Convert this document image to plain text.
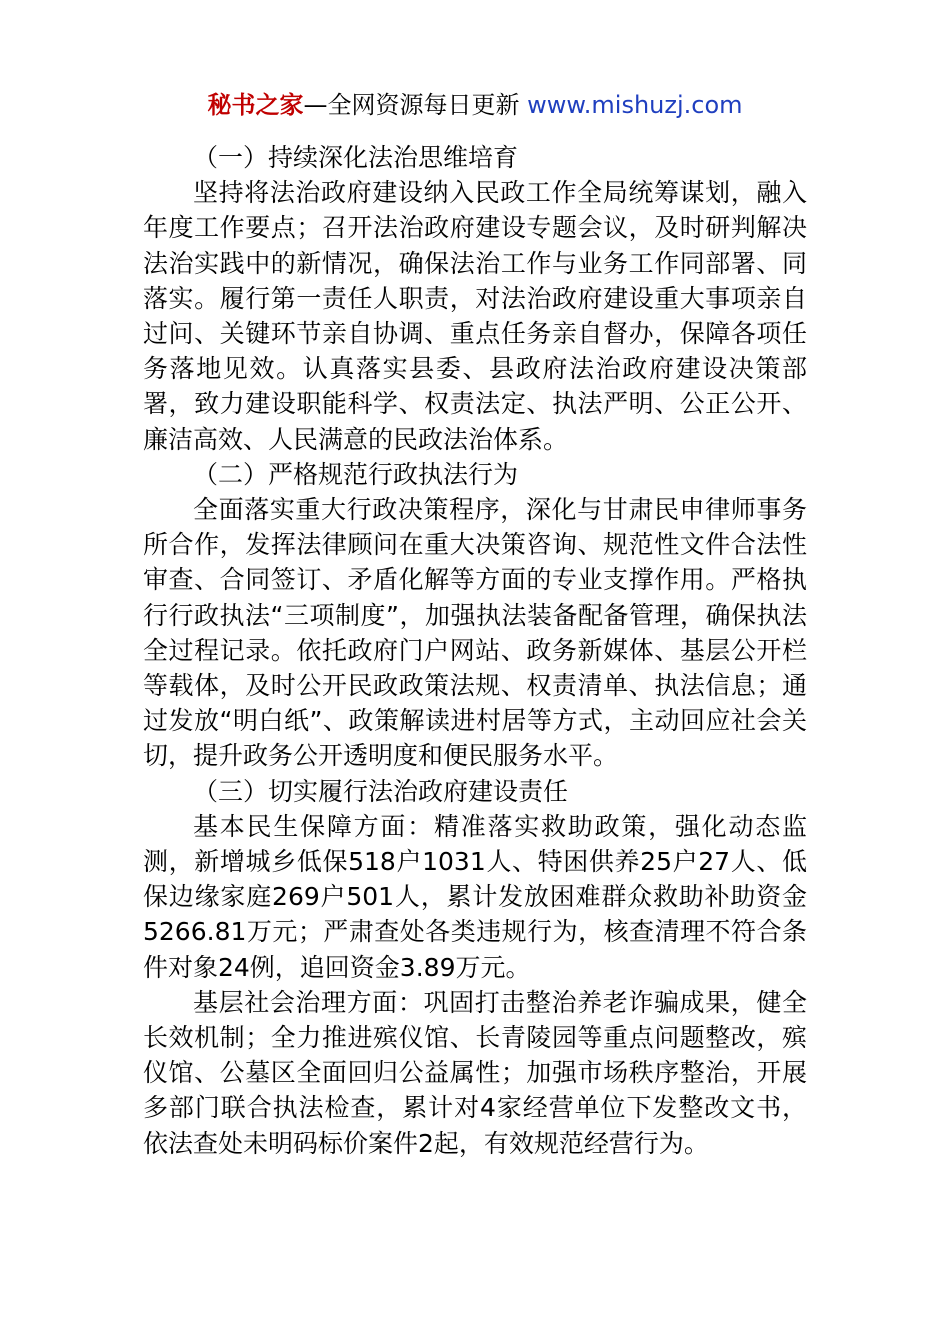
秘书之家—全网资源每日更新 www.mishuzj.com

（一）持续深化法治思维培育

坚持将法治政府建设纳入民政工作全局统筹谋划，融入年度工作要点；召开法治政府建设专题会议，及时研判解决法治实践中的新情况，确保法治工作与业务工作同部署、同落实。履行第一责任人职责，对法治政府建设重大事项亲自过问、关键环节亲自协调、重点任务亲自督办，保障各项任务落地见效。认真落实县委、县政府法治政府建设决策部署，致力建设职能科学、权责法定、执法严明、公正公开、廉洁高效、人民满意的民政法治体系。

（二）严格规范行政执法行为

全面落实重大行政决策程序，深化与甘肃民申律师事务所合作，发挥法律顾问在重大决策咨询、规范性文件合法性审查、合同签订、矛盾化解等方面的专业支撑作用。严格执行行政执法“三项制度”，加强执法装备配备管理，确保执法全过程记录。依托政府门户网站、政务新媒体、基层公开栏等载体，及时公开民政政策法规、权责清单、执法信息；通过发放“明白纸”、政策解读进村居等方式，主动回应社会关切，提升政务公开透明度和便民服务水平。

（三）切实履行法治政府建设责任

基本民生保障方面：精准落实救助政策，强化动态监测，新增城乡低保518户1031人、特困供养25户27人、低保边缘家庭269户501人，累计发放困难群众救助补助资金5266.81万元；严肃查处各类违规行为，核查清理不符合条件对象24例，追回资金3.89万元。

基层社会治理方面：巩固打击整治养老诈骗成果，健全长效机制；全力推进殡仪馆、长青陵园等重点问题整改，殡仪馆、公墓区全面回归公益属性；加强市场秩序整治，开展多部门联合执法检查，累计对4家经营单位下发整改文书，依法查处未明码标价案件2起，有效规范经营行为。
